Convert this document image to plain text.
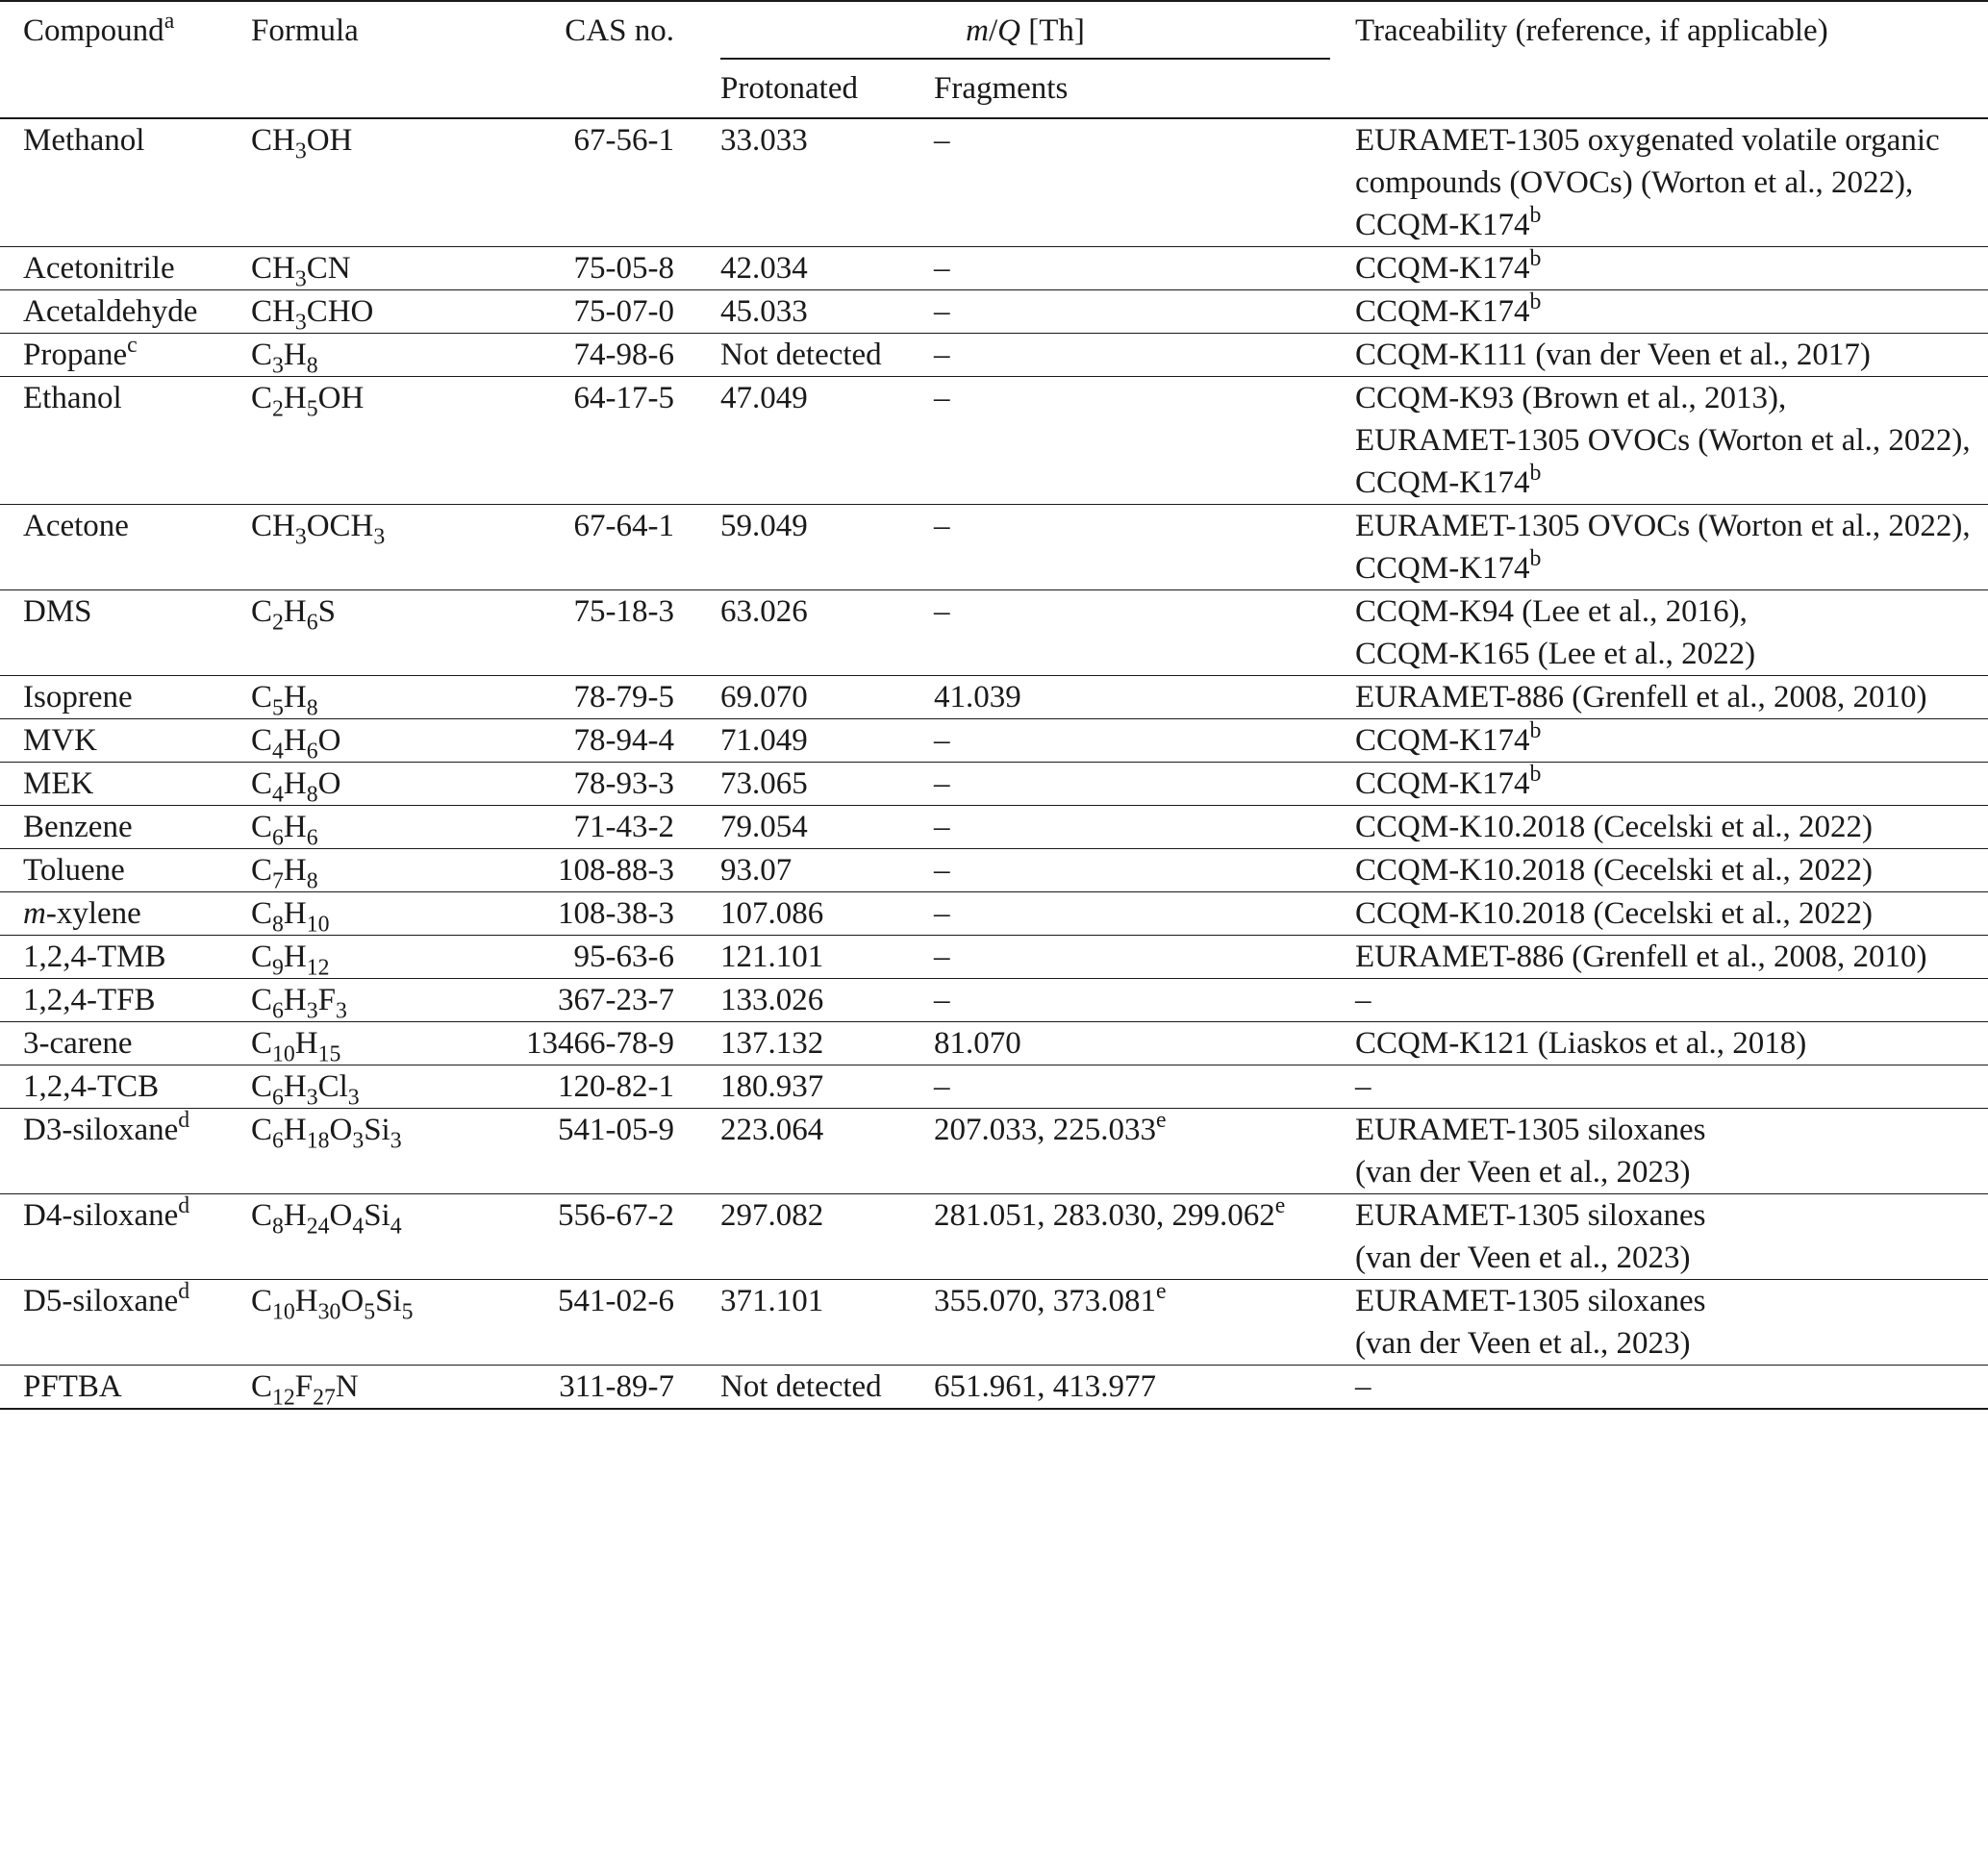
Compound$^a$	Formula	CAS no.	m/Q [Th]		Traceability (reference, if applicable)
			Protonated	Fragments	
Methanol	$CH_3OH$	67-56-1	33.033	–	EURAMET-1305 oxygenated volatile organic
compounds (OVOCs) (Worton et al., 2022),
CCQM-K174$^b$

Acetonitrile	$CH_3CN$	75-05-8	42.034	–	CCQM-K174$^b$

Acetaldehyde	$CH_3CHO$	75-07-0	45.033	–	CCQM-K174$^b$

Propane$^c$	$C_3H_8$	74-98-6	Not detected	–	CCQM-K111 (van der Veen et al., 2017)

Ethanol	$C_2H_5OH$	64-17-5	47.049	–	CCQM-K93 (Brown et al., 2013),
EURAMET-1305 OVOCs (Worton et al., 2022),
CCQM-K174$^b$

Acetone	$CH_3OCH_3$	67-64-1	59.049	–	EURAMET-1305 OVOCs (Worton et al., 2022),
CCQM-K174$^b$

DMS	$C_2H_6S$	75-18-3	63.026	–	CCQM-K94 (Lee et al., 2016),
CCQM-K165 (Lee et al., 2022)

Isoprene	$C_5H_8$	78-79-5	69.070	41.039	EURAMET-886 (Grenfell et al., 2008, 2010)

MVK	$C_4H_6O$	78-94-4	71.049	–	CCQM-K174$^b$

MEK	$C_4H_8O$	78-93-3	73.065	–	CCQM-K174$^b$

Benzene	$C_6H_6$	71-43-2	79.054	–	CCQM-K10.2018 (Cecelski et al., 2022)

Toluene	$C_7H_8$	108-88-3	93.07	–	CCQM-K10.2018 (Cecelski et al., 2022)

m-xylene	$C_8H_{10}$	108-38-3	107.086	–	CCQM-K10.2018 (Cecelski et al., 2022)

1,2,4-TMB	$C_9H_{12}$	95-63-6	121.101	–	EURAMET-886 (Grenfell et al., 2008, 2010)

1,2,4-TFB	$C_6H_3F_3$	367-23-7	133.026	–	–

3-carene	$C_{10}H_{15}$	13466-78-9	137.132	81.070	CCQM-K121 (Liaskos et al., 2018)

1,2,4-TCB	$C_6H_3Cl_3$	120-82-1	180.937	–	–

D3-siloxane$^d$	$C_6H_{18}O_3Si_3$	541-05-9	223.064	207.033, 225.033e	EURAMET-1305 siloxanes
(van der Veen et al., 2023)

D4-siloxane$^d$	$C_8H_{24}O_4Si_4$	556-67-2	297.082	281.051, 283.030, 299.062e	EURAMET-1305 siloxanes
(van der Veen et al., 2023)

D5-siloxane$^d$	$C_{10}H_{30}O_5Si_5$	541-02-6	371.101	355.070, 373.081e	EURAMET-1305 siloxanes
(van der Veen et al., 2023)

PFTBA	$C_{12}F_{27}N$	311-89-7	Not detected	651.961, 413.977	–
